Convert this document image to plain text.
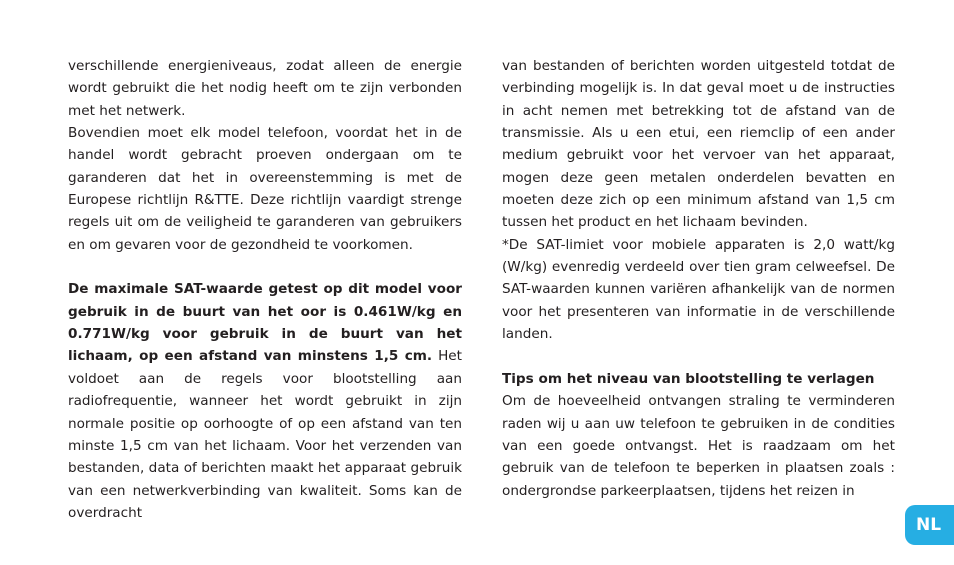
verschillende energieniveaus, zodat alleen de energie wordt gebruikt die het nodig heeft om te zijn verbonden met het netwerk.

Bovendien moet elk model telefoon, voordat het in de handel wordt gebracht proeven ondergaan om te garanderen dat het in overeenstemming is met de Europese richtlijn R&TTE. Deze richtlijn vaardigt strenge regels uit om de veiligheid te garanderen van gebruikers en om gevaren voor de gezondheid te voorkomen.

De maximale SAT-waarde getest op dit model voor gebruik in de buurt van het oor is 0.461W/kg en 0.771W/kg voor gebruik in de buurt van het lichaam, op een afstand van minstens 1,5 cm. Het voldoet aan de regels voor blootstelling aan radiofrequentie, wanneer het wordt gebruikt in zijn normale positie op oorhoogte of op een afstand van ten minste 1,5 cm van het lichaam. Voor het verzenden van bestanden, data of berichten maakt het apparaat gebruik van een netwerkverbinding van kwaliteit. Soms kan de overdracht

van bestanden of berichten worden uitgesteld totdat de verbinding mogelijk is. In dat geval moet u de instructies in acht nemen met betrekking tot de afstand van de transmissie. Als u een etui, een riemclip of een ander medium gebruikt voor het vervoer van het apparaat, mogen deze geen metalen onderdelen bevatten en moeten deze zich op een minimum afstand van 1,5 cm tussen het product en het lichaam bevinden.

*De SAT-limiet voor mobiele apparaten is 2,0 watt/kg (W/kg) evenredig verdeeld over tien gram celweefsel. De SAT-waarden kunnen variëren afhankelijk van de normen voor het presenteren van informatie in de verschillende landen.

Tips om het niveau van blootstelling te verlagen

Om de hoeveelheid ontvangen straling te verminderen raden wij u aan uw telefoon te gebruiken in de condities van een goede ontvangst. Het is raadzaam om het gebruik van de telefoon te beperken in plaatsen zoals : ondergrondse parkeerplaatsen, tijdens het reizen in

NL
